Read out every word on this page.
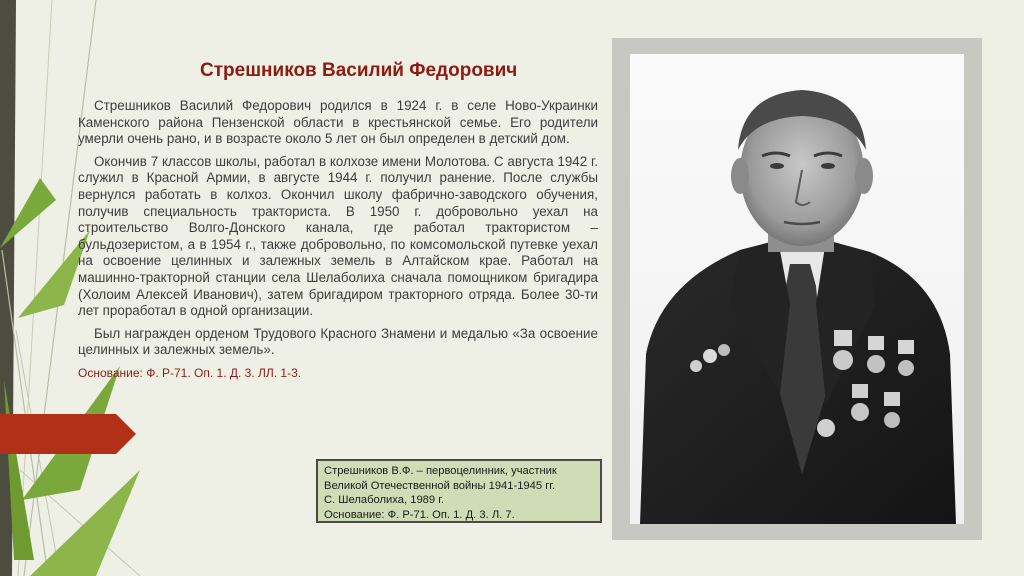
Стрешников Василий Федорович

Стрешников Василий Федорович родился в 1924 г. в селе Ново-Украинки Каменского района Пензенской области в крестьянской семье. Его родители умерли очень рано, и в возрасте около 5 лет он был определен в детский дом.

Окончив 7 классов школы, работал в колхозе имени Молотова. С августа 1942 г. служил в Красной Армии, в августе 1944 г. получил ранение. После службы вернулся работать в колхоз. Окончил школу фабрично-заводского обучения, получив специальность тракториста. В 1950 г. добровольно уехал на строительство Волго-Донского канала, где работал трактористом – бульдозеристом, а в 1954 г., также добровольно, по комсомольской путевке уехал на освоение целинных и залежных земель в Алтайском крае. Работал на машинно-тракторной станции села Шелаболиха сначала помощником бригадира (Холоим Алексей Иванович), затем бригадиром тракторного отряда. Более 30-ти лет проработал в одной организации.

Был награжден орденом Трудового Красного Знамени и медалью «За освоение целинных и залежных земель».

Основание: Ф. Р-71. Оп. 1. Д. 3. ЛЛ. 1-3.

Стрешников В.Ф. – первоцелинник, участник
Великой Отечественной войны 1941-1945 гг.
С. Шелаболиха, 1989 г.
Основание: Ф. Р-71. Оп. 1. Д. 3. Л. 7.
